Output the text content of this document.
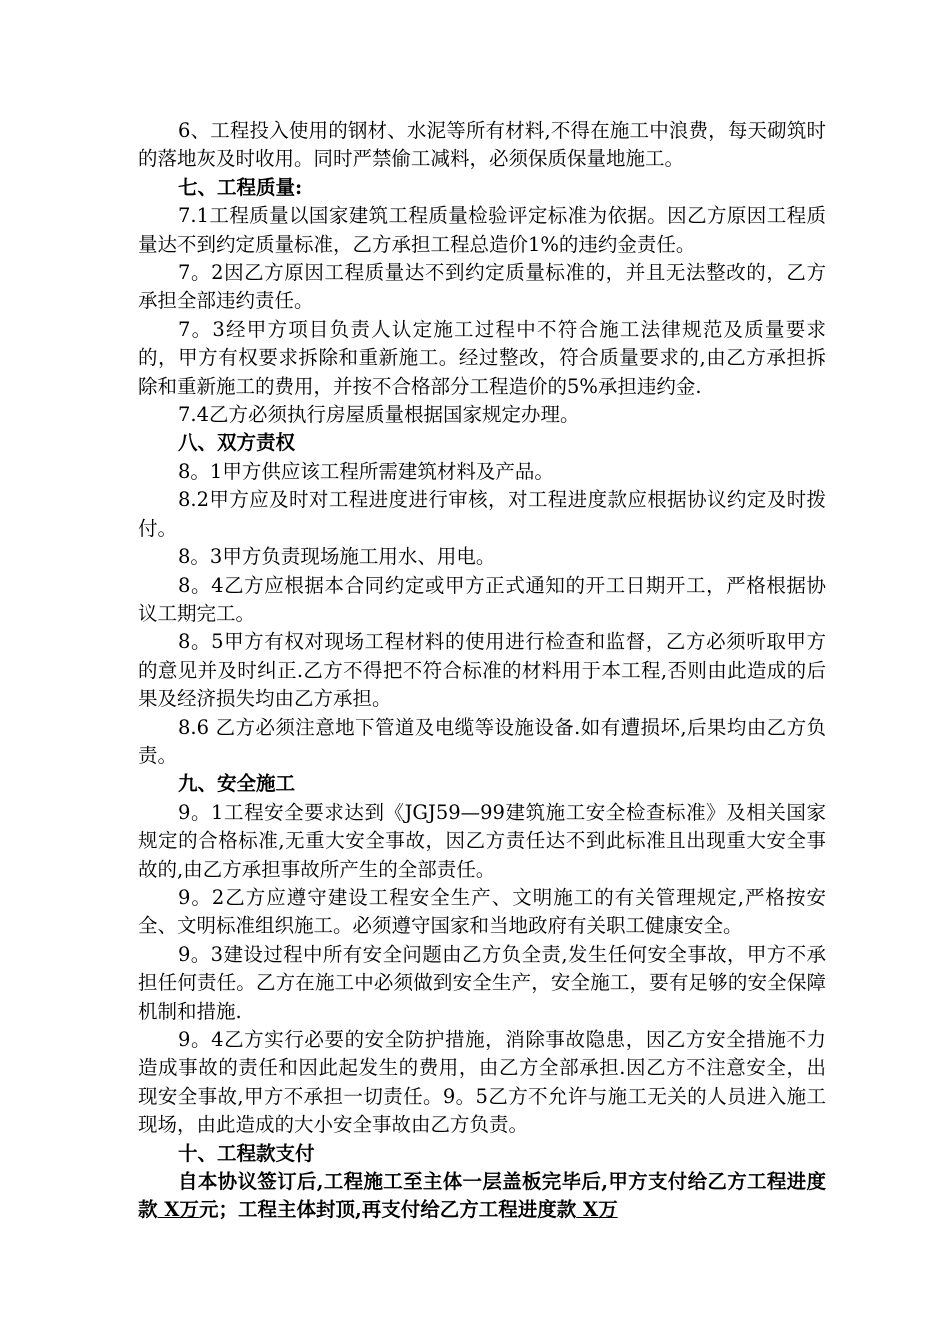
6、工程投入使用的钢材、水泥等所有材料,不得在施工中浪费，每天砌筑时的落地灰及时收用。同时严禁偷工减料，必须保质保量地施工。

七、工程质量:

7.1工程质量以国家建筑工程质量检验评定标准为依据。因乙方原因工程质量达不到约定质量标准，乙方承担工程总造价1%的违约金责任。

7。2因乙方原因工程质量达不到约定质量标准的，并且无法整改的，乙方承担全部违约责任。

7。3经甲方项目负责人认定施工过程中不符合施工法律规范及质量要求的，甲方有权要求拆除和重新施工。经过整改，符合质量要求的,由乙方承担拆除和重新施工的费用，并按不合格部分工程造价的5%承担违约金.

7.4乙方必须执行房屋质量根据国家规定办理。

八、双方责权

8。1甲方供应该工程所需建筑材料及产品。

8.2甲方应及时对工程进度进行审核，对工程进度款应根据协议约定及时拨付。

8。3甲方负责现场施工用水、用电。

8。4乙方应根据本合同约定或甲方正式通知的开工日期开工，严格根据协议工期完工。

8。5甲方有权对现场工程材料的使用进行检查和监督，乙方必须听取甲方的意见并及时纠正.乙方不得把不符合标准的材料用于本工程,否则由此造成的后果及经济损失均由乙方承担。

8.6 乙方必须注意地下管道及电缆等设施设备.如有遭损坏,后果均由乙方负责。

九、安全施工

9。1工程安全要求达到《JGJ59—99建筑施工安全检查标准》及相关国家规定的合格标准,无重大安全事故，因乙方责任达不到此标准且出现重大安全事故的,由乙方承担事故所产生的全部责任。

9。2乙方应遵守建设工程安全生产、文明施工的有关管理规定,严格按安全、文明标准组织施工。必须遵守国家和当地政府有关职工健康安全。

9。3建设过程中所有安全问题由乙方负全责,发生任何安全事故，甲方不承担任何责任。乙方在施工中必须做到安全生产，安全施工，要有足够的安全保障机制和措施.

9。4乙方实行必要的安全防护措施，消除事故隐患，因乙方安全措施不力造成事故的责任和因此起发生的费用，由乙方全部承担.因乙方不注意安全，出现安全事故,甲方不承担一切责任。9。5乙方不允许与施工无关的人员进入施工现场，由此造成的大小安全事故由乙方负责。

十、工程款支付

自本协议签订后,工程施工至主体一层盖板完毕后,甲方支付给乙方工程进度款 X万元；工程主体封顶,再支付给乙方工程进度款 X万
